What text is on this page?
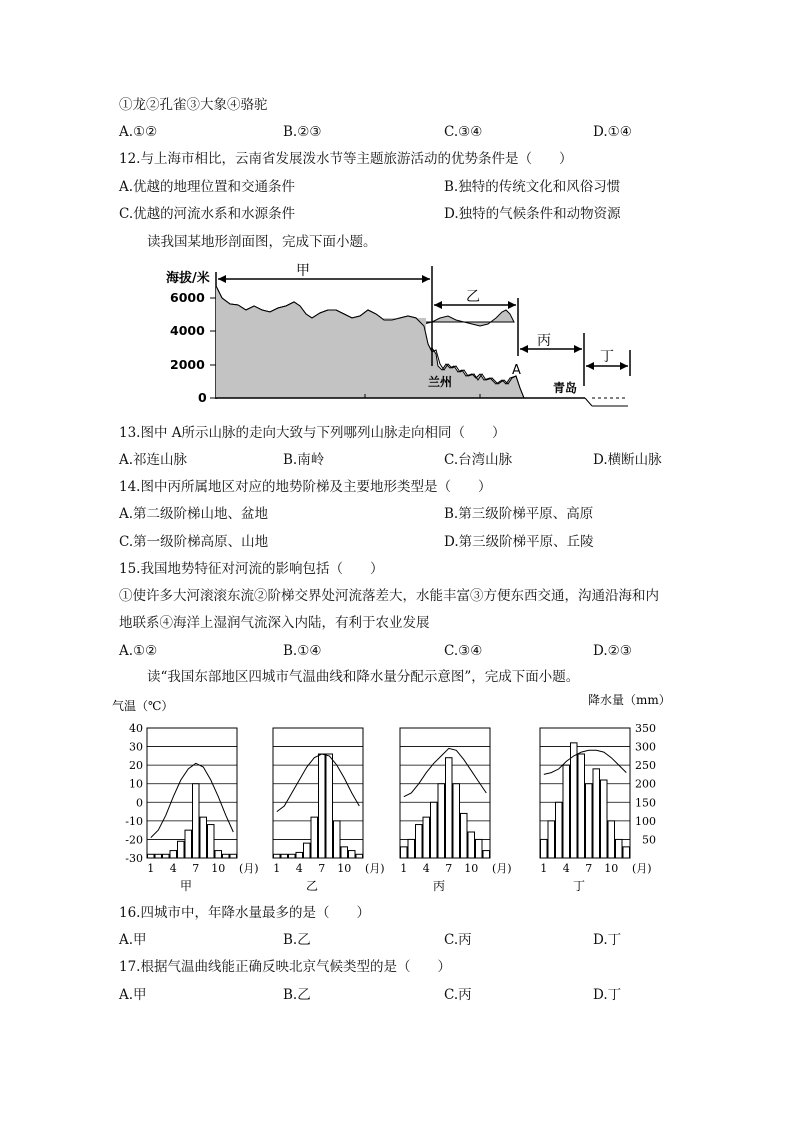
①龙②孔雀③大象④骆驼
A.①②	B.②③	C.③④	D.①④
12.与上海市相比，云南省发展泼水节等主题旅游活动的优势条件是（　　）
A.优越的地理位置和交通条件	B.独特的传统文化和风俗习惯
C.优越的河流水系和水源条件	D.独特的气候条件和动物资源
读我国某地形剖面图，完成下面小题。
海拔/米
6000
4000
2000
0
甲
乙
丙
丁
兰州
A
青岛
13.图中 A所示山脉的走向大致与下列哪列山脉走向相同（　　）
A.祁连山脉	B.南岭	C.台湾山脉	D.横断山脉
14.图中丙所属地区对应的地势阶梯及主要地形类型是（　　）
A.第二级阶梯山地、盆地	B.第三级阶梯平原、高原
C.第一级阶梯高原、山地	D.第三级阶梯平原、丘陵
15.我国地势特征对河流的影响包括（　　）
①使许多大河滚滚东流②阶梯交界处河流落差大，水能丰富③方便东西交通，沟通沿海和内
地联系④海洋上湿润气流深入内陆，有利于农业发展
A.①②	B.①④	C.③④	D.②③
读“我国东部地区四城市气温曲线和降水量分配示意图”，完成下面小题。
气温（℃）	降水量（mm）
40
30
20
10
0
-10
-20
-30
350
300
250
200
150
100
50
1 4 7 10 (月)
甲
1 4 7 10 (月)
乙
1 4 7 10 (月)
丙
1 4 7 10 (月)
丁
16.四城市中，年降水量最多的是（　　）
A.甲	B.乙	C.丙	D.丁
17.根据气温曲线能正确反映北京气候类型的是（　　）
A.甲	B.乙	C.丙	D.丁
